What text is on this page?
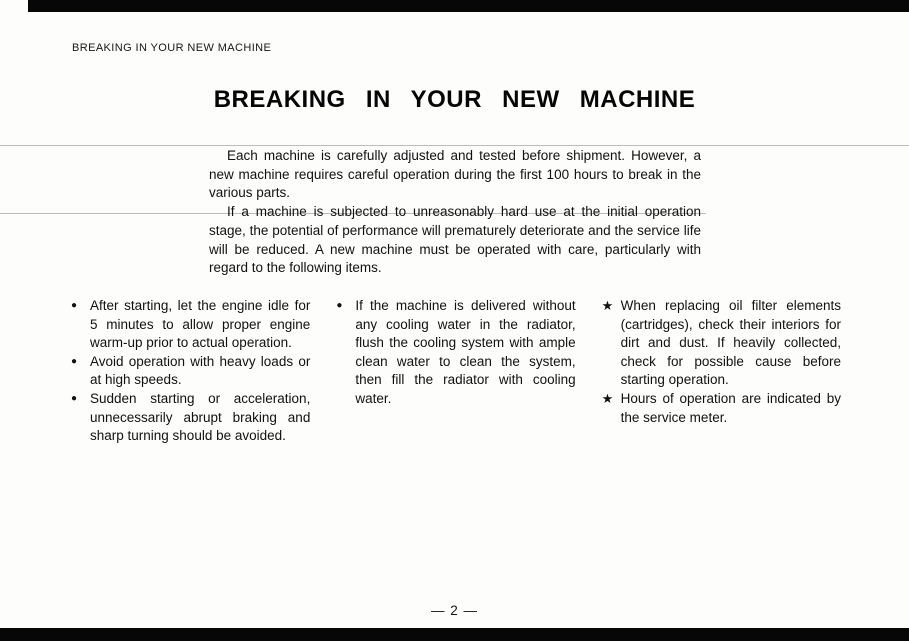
BREAKING IN YOUR NEW MACHINE
BREAKING IN YOUR NEW MACHINE

Each machine is carefully adjusted and tested before shipment. However, a new machine requires careful operation during the first 100 hours to break in the various parts.

If a machine is subjected to unreasonably hard use at the initial operation stage, the potential of performance will prematurely deteriorate and the service life will be reduced. A new machine must be operated with care, particularly with regard to the following items.

● After starting, let the engine idle for 5 minutes to allow proper engine warm-up prior to actual operation.
● Avoid operation with heavy loads or at high speeds.
● Sudden starting or acceleration, unnecessarily abrupt braking and sharp turning should be avoided.
● If the machine is delivered without any cooling water in the radiator, flush the cooling system with ample clean water to clean the system, then fill the radiator with cooling water.
★ When replacing oil filter elements (cartridges), check their interiors for dirt and dust. If heavily collected, check for possible cause before starting operation.
★ Hours of operation are indicated by the service meter.
— 2 —
